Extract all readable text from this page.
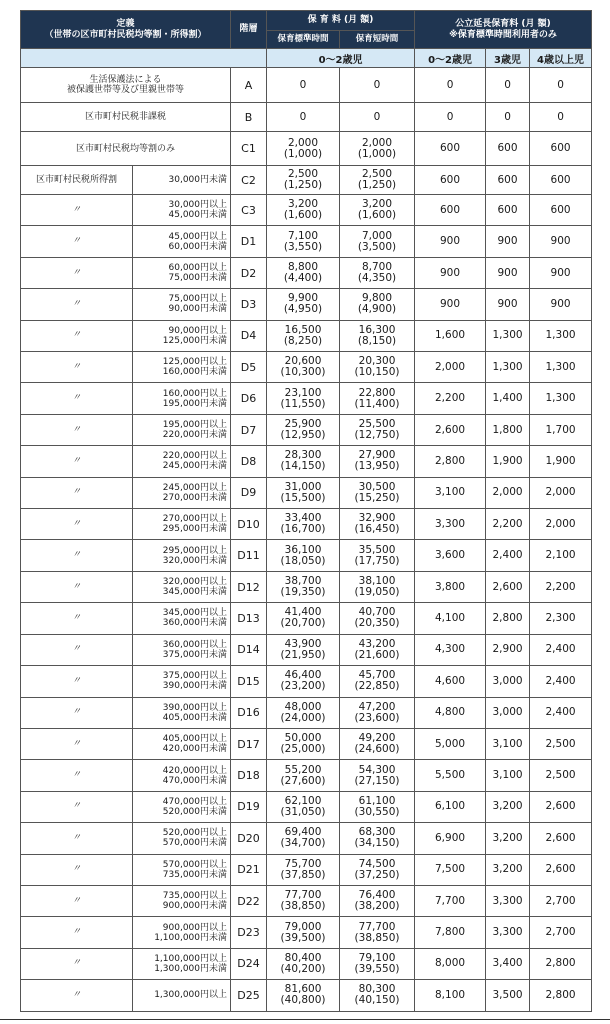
定義
（世帯の区市町村民税均等割・所得割）		階層	保 育 料 (月 額)		公立延長保育料 (月 額)
※保育標準時間利用者のみ		

			保育標準時間	保育短時間			
			0〜2歳児		0〜2歳児	3歳児	4歳以上児

生活保護法による
被保護世帯等及び里親世帯等		A	0	0	0	0	0

区市町村民税非課税		B	0	0	0	0	0

区市町村民税均等割のみ		C1	2,000
(1,000)	2,000
(1,000)	600	600	600
区市町村民税所得割	30,000円未満	C2	2,500
(1,250)	2,500
(1,250)	600	600	600
〃	30,000円以上
45,000円未満	C3	3,200
(1,600)	3,200
(1,600)	600	600	600
〃	45,000円以上
60,000円未満	D1	7,100
(3,550)	7,000
(3,500)	900	900	900
〃	60,000円以上
75,000円未満	D2	8,800
(4,400)	8,700
(4,350)	900	900	900
〃	75,000円以上
90,000円未満	D3	9,900
(4,950)	9,800
(4,900)	900	900	900
〃	90,000円以上
125,000円未満	D4	16,500
(8,250)	16,300
(8,150)	1,600	1,300	1,300
〃	125,000円以上
160,000円未満	D5	20,600
(10,300)	20,300
(10,150)	2,000	1,300	1,300
〃	160,000円以上
195,000円未満	D6	23,100
(11,550)	22,800
(11,400)	2,200	1,400	1,300
〃	195,000円以上
220,000円未満	D7	25,900
(12,950)	25,500
(12,750)	2,600	1,800	1,700
〃	220,000円以上
245,000円未満	D8	28,300
(14,150)	27,900
(13,950)	2,800	1,900	1,900
〃	245,000円以上
270,000円未満	D9	31,000
(15,500)	30,500
(15,250)	3,100	2,000	2,000
〃	270,000円以上
295,000円未満	D10	33,400
(16,700)	32,900
(16,450)	3,300	2,200	2,000
〃	295,000円以上
320,000円未満	D11	36,100
(18,050)	35,500
(17,750)	3,600	2,400	2,100
〃	320,000円以上
345,000円未満	D12	38,700
(19,350)	38,100
(19,050)	3,800	2,600	2,200
〃	345,000円以上
360,000円未満	D13	41,400
(20,700)	40,700
(20,350)	4,100	2,800	2,300
〃	360,000円以上
375,000円未満	D14	43,900
(21,950)	43,200
(21,600)	4,300	2,900	2,400
〃	375,000円以上
390,000円未満	D15	46,400
(23,200)	45,700
(22,850)	4,600	3,000	2,400
〃	390,000円以上
405,000円未満	D16	48,000
(24,000)	47,200
(23,600)	4,800	3,000	2,400
〃	405,000円以上
420,000円未満	D17	50,000
(25,000)	49,200
(24,600)	5,000	3,100	2,500
〃	420,000円以上
470,000円未満	D18	55,200
(27,600)	54,300
(27,150)	5,500	3,100	2,500
〃	470,000円以上
520,000円未満	D19	62,100
(31,050)	61,100
(30,550)	6,100	3,200	2,600
〃	520,000円以上
570,000円未満	D20	69,400
(34,700)	68,300
(34,150)	6,900	3,200	2,600
〃	570,000円以上
735,000円未満	D21	75,700
(37,850)	74,500
(37,250)	7,500	3,200	2,600
〃	735,000円以上
900,000円未満	D22	77,700
(38,850)	76,400
(38,200)	7,700	3,300	2,700
〃	900,000円以上
1,100,000円未満	D23	79,000
(39,500)	77,700
(38,850)	7,800	3,300	2,700
〃	1,100,000円以上
1,300,000円未満	D24	80,400
(40,200)	79,100
(39,550)	8,000	3,400	2,800
〃	1,300,000円以上	D25	81,600
(40,800)	80,300
(40,150)	8,100	3,500	2,800
